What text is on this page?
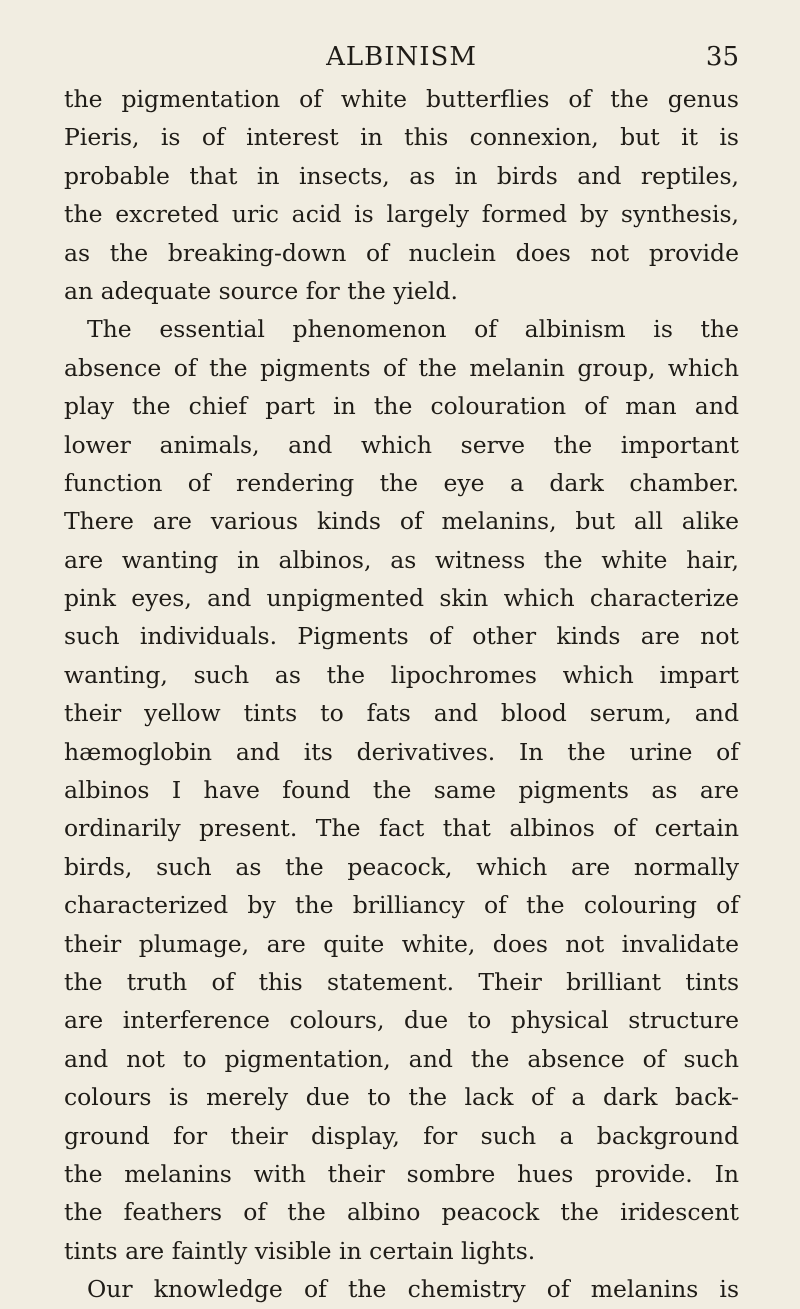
ALBINISM	35
the pigmentation of white butterflies of the genus
Pieris, is of interest in this connexion, but it is
probable that in insects, as in birds and reptiles,
the excreted uric acid is largely formed by synthesis,
as the breaking-down of nuclein does not provide
an adequate source for the yield.
The essential phenomenon of albinism is the
absence of the pigments of the melanin group, which
play the chief part in the colouration of man and
lower animals, and which serve the important
function of rendering the eye a dark chamber.
There are various kinds of melanins, but all alike
are wanting in albinos, as witness the white hair,
pink eyes, and unpigmented skin which characterize
such individuals. Pigments of other kinds are not
wanting, such as the lipochromes which impart
their yellow tints to fats and blood serum, and
hæmoglobin and its derivatives. In the urine of
albinos I have found the same pigments as are
ordinarily present. The fact that albinos of certain
birds, such as the peacock, which are normally
characterized by the brilliancy of the colouring of
their plumage, are quite white, does not invalidate
the truth of this statement. Their brilliant tints
are interference colours, due to physical structure
and not to pigmentation, and the absence of such
colours is merely due to the lack of a dark back-
ground for their display, for such a background
the melanins with their sombre hues provide. In
the feathers of the albino peacock the iridescent
tints are faintly visible in certain lights.
Our knowledge of the chemistry of melanins is
